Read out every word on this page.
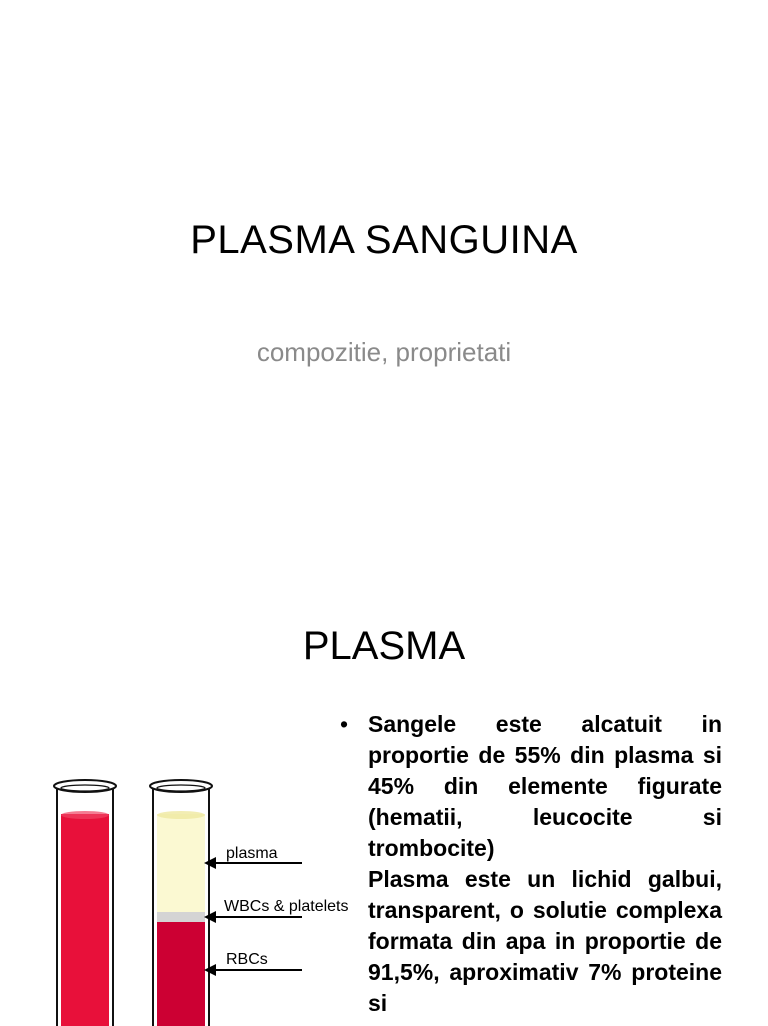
PLASMA SANGUINA
compozitie, proprietati
PLASMA
plasma
WBCs & platelets
RBCs
• Sangele este alcatuit in proportie de 55% din plasma si 45% din elemente figurate (hematii, leucocite si trombocite)
Plasma este un lichid galbui, transparent, o solutie complexa formata din apa in proportie de 91,5%, aproximativ 7% proteine si
